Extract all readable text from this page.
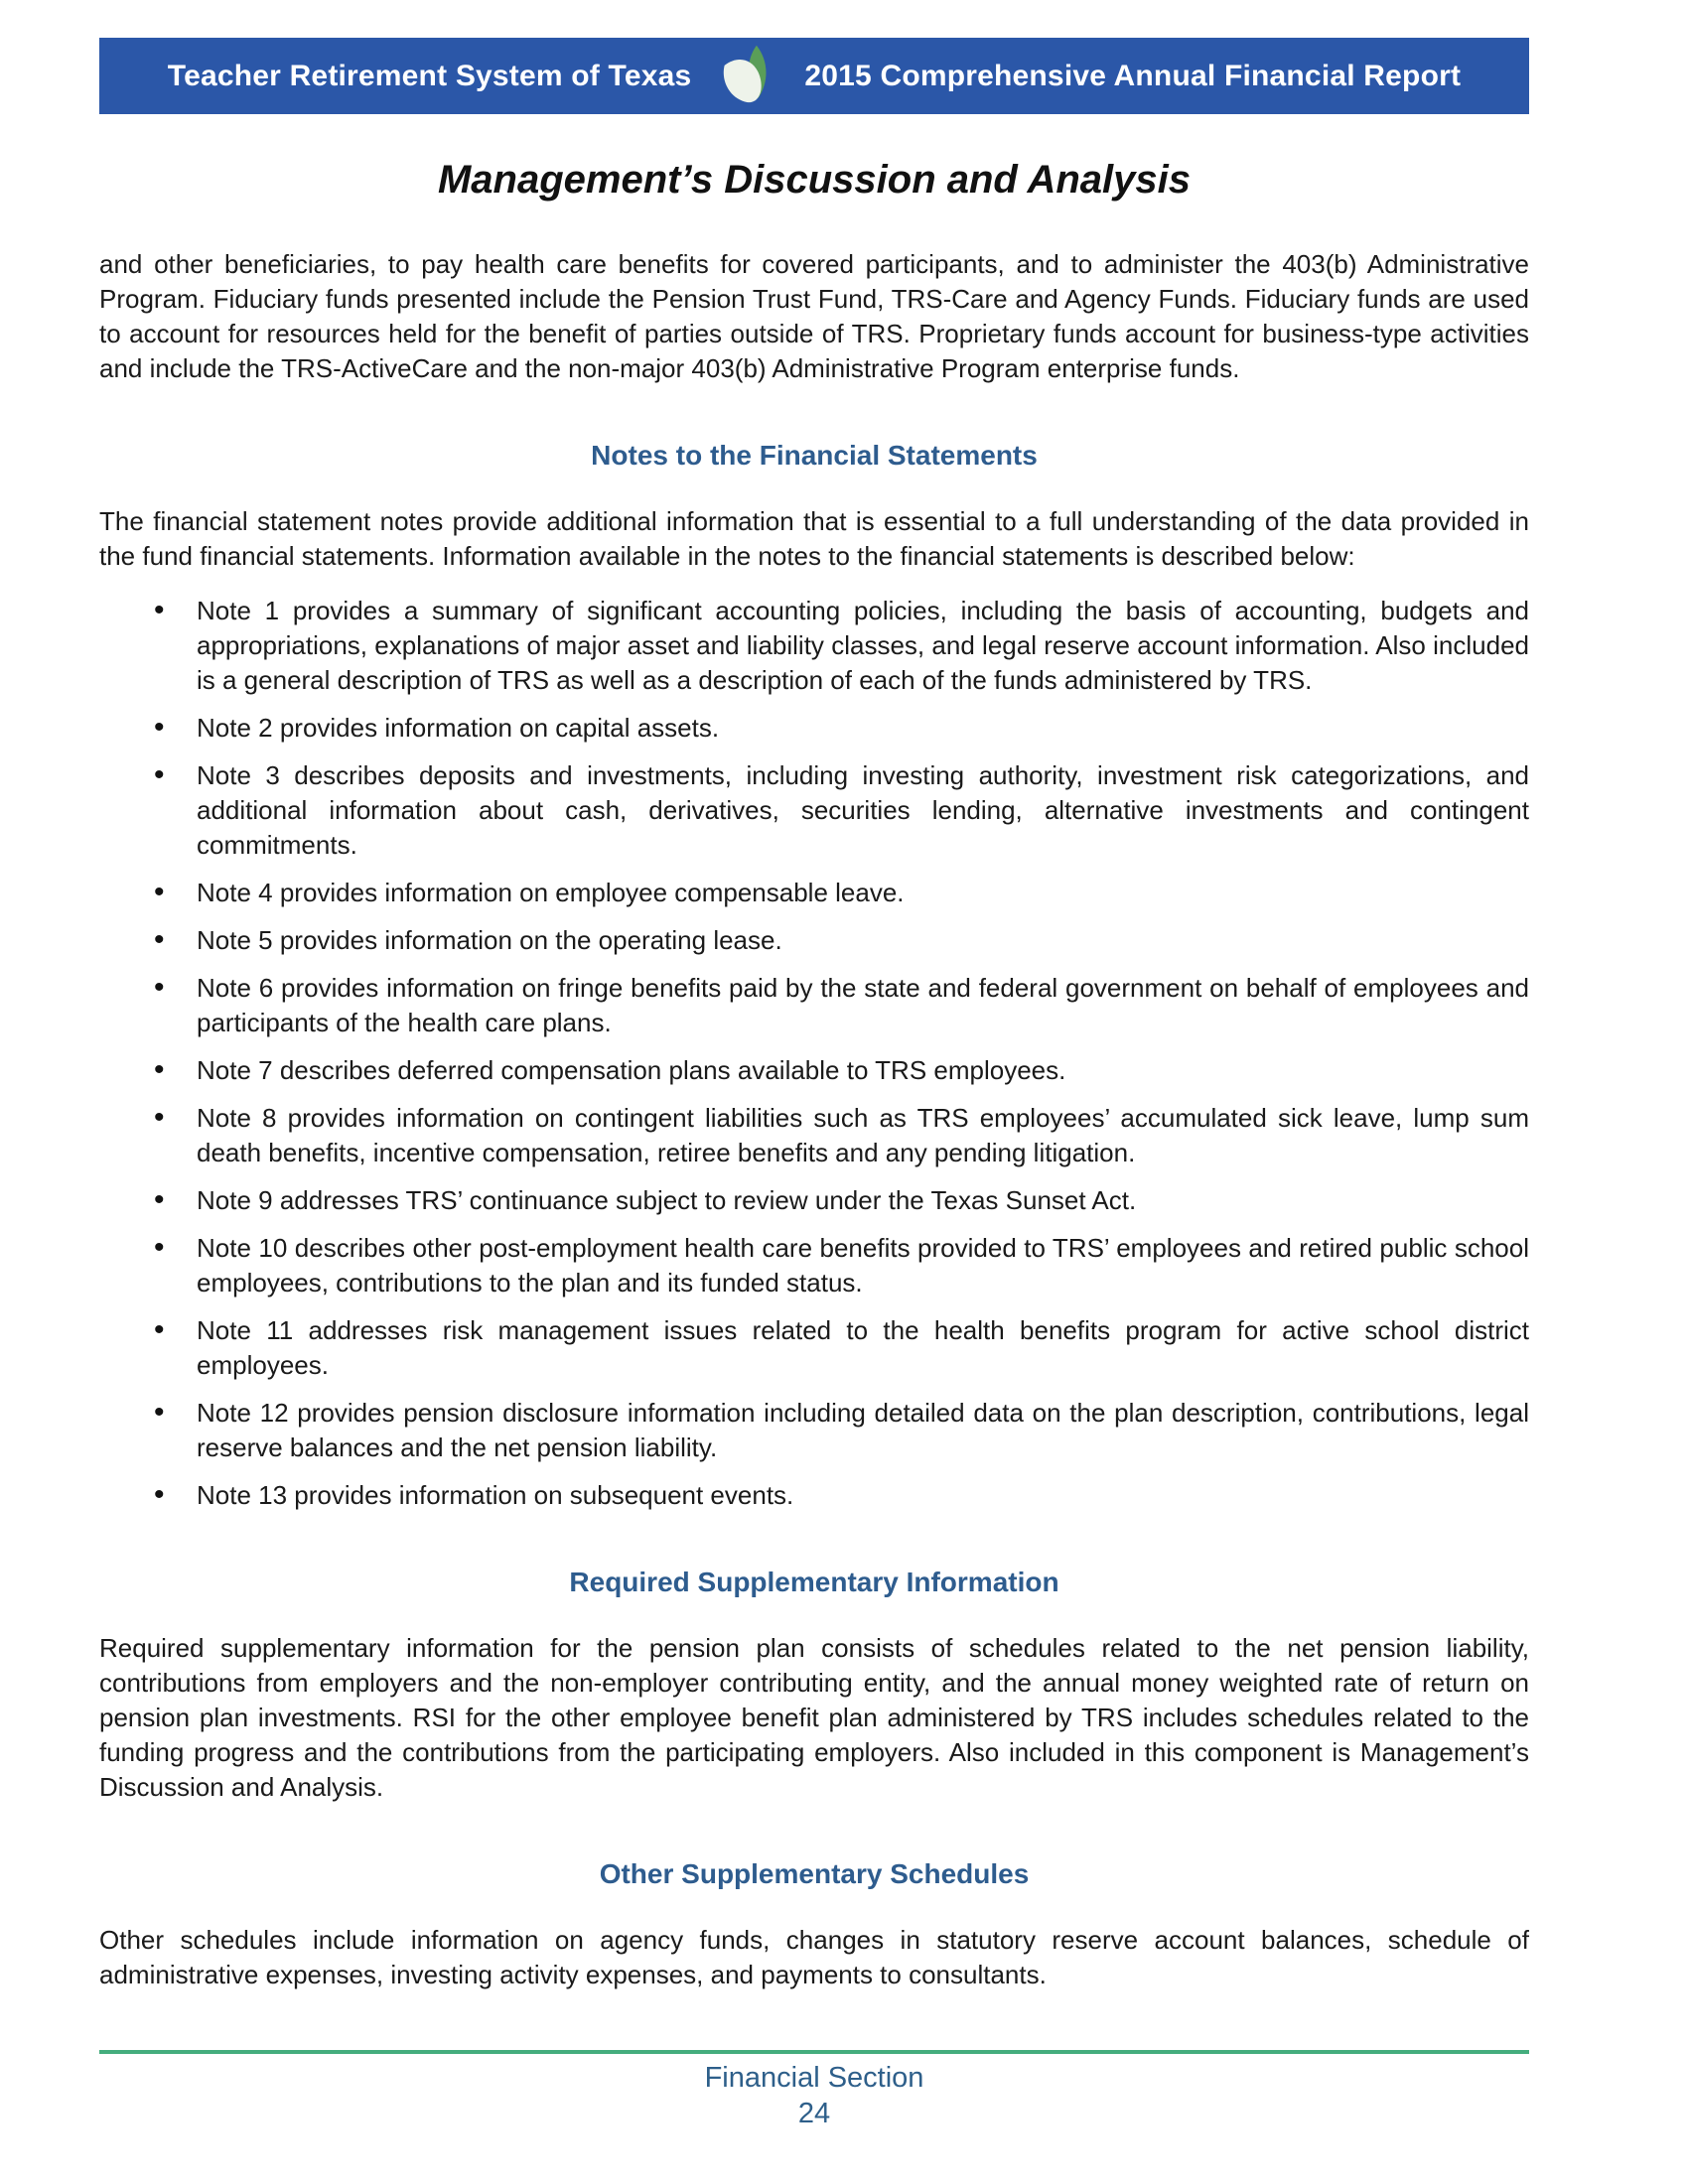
Teacher Retirement System of Texas	2015 Comprehensive Annual Financial Report
Management’s Discussion and Analysis

and other beneficiaries, to pay health care benefits for covered participants, and to administer the 403(b) Administrative Program. Fiduciary funds presented include the Pension Trust Fund, TRS-Care and Agency Funds. Fiduciary funds are used to account for resources held for the benefit of parties outside of TRS. Proprietary funds account for business-type activities and include the TRS-ActiveCare and the non-major 403(b) Administrative Program enterprise funds.

Notes to the Financial Statements

The financial statement notes provide additional information that is essential to a full understanding of the data provided in the fund financial statements. Information available in the notes to the financial statements is described below:

• Note 1 provides a summary of significant accounting policies, including the basis of accounting, budgets and appropriations, explanations of major asset and liability classes, and legal reserve account information. Also included is a general description of TRS as well as a description of each of the funds administered by TRS.
• Note 2 provides information on capital assets.
• Note 3 describes deposits and investments, including investing authority, investment risk categorizations, and additional information about cash, derivatives, securities lending, alternative investments and contingent commitments.
• Note 4 provides information on employee compensable leave.
• Note 5 provides information on the operating lease.
• Note 6 provides information on fringe benefits paid by the state and federal government on behalf of employees and participants of the health care plans.
• Note 7 describes deferred compensation plans available to TRS employees.
• Note 8 provides information on contingent liabilities such as TRS employees’ accumulated sick leave, lump sum death benefits, incentive compensation, retiree benefits and any pending litigation.
• Note 9 addresses TRS’ continuance subject to review under the Texas Sunset Act.
• Note 10 describes other post-employment health care benefits provided to TRS’ employees and retired public school employees, contributions to the plan and its funded status.
• Note 11 addresses risk management issues related to the health benefits program for active school district employees.
• Note 12 provides pension disclosure information including detailed data on the plan description, contributions, legal reserve balances and the net pension liability.
• Note 13 provides information on subsequent events.
Required Supplementary Information

Required supplementary information for the pension plan consists of schedules related to the net pension liability, contributions from employers and the non-employer contributing entity, and the annual money weighted rate of return on pension plan investments. RSI for the other employee benefit plan administered by TRS includes schedules related to the funding progress and the contributions from the participating employers. Also included in this component is Management’s Discussion and Analysis.

Other Supplementary Schedules

Other schedules include information on agency funds, changes in statutory reserve account balances, schedule of administrative expenses, investing activity expenses, and payments to consultants.

Financial Section
24
